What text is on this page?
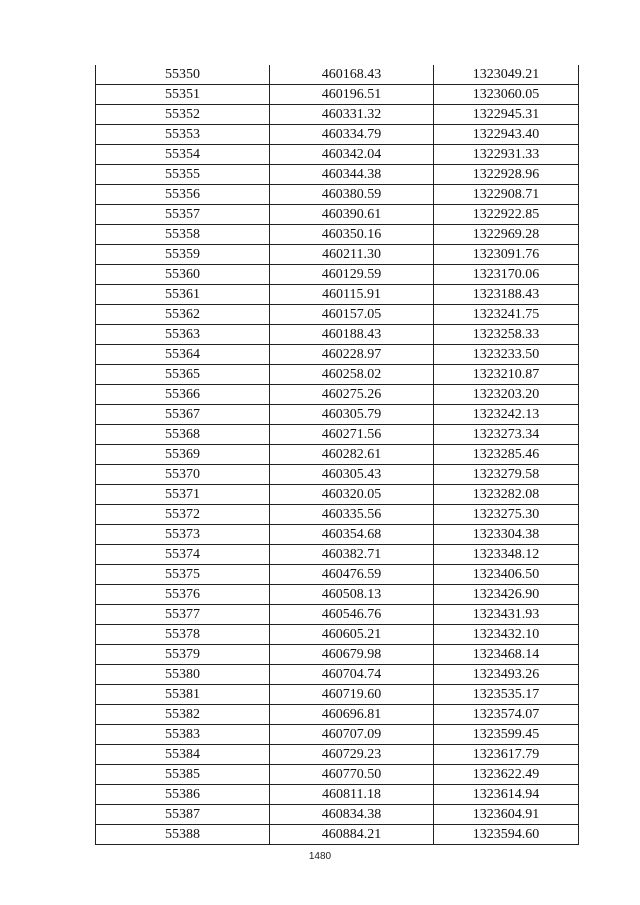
55350	460168.43	1323049.21
55351	460196.51	1323060.05
55352	460331.32	1322945.31
55353	460334.79	1322943.40
55354	460342.04	1322931.33
55355	460344.38	1322928.96
55356	460380.59	1322908.71
55357	460390.61	1322922.85
55358	460350.16	1322969.28
55359	460211.30	1323091.76
55360	460129.59	1323170.06
55361	460115.91	1323188.43
55362	460157.05	1323241.75
55363	460188.43	1323258.33
55364	460228.97	1323233.50
55365	460258.02	1323210.87
55366	460275.26	1323203.20
55367	460305.79	1323242.13
55368	460271.56	1323273.34
55369	460282.61	1323285.46
55370	460305.43	1323279.58
55371	460320.05	1323282.08
55372	460335.56	1323275.30
55373	460354.68	1323304.38
55374	460382.71	1323348.12
55375	460476.59	1323406.50
55376	460508.13	1323426.90
55377	460546.76	1323431.93
55378	460605.21	1323432.10
55379	460679.98	1323468.14
55380	460704.74	1323493.26
55381	460719.60	1323535.17
55382	460696.81	1323574.07
55383	460707.09	1323599.45
55384	460729.23	1323617.79
55385	460770.50	1323622.49
55386	460811.18	1323614.94
55387	460834.38	1323604.91
55388	460884.21	1323594.60
1480
